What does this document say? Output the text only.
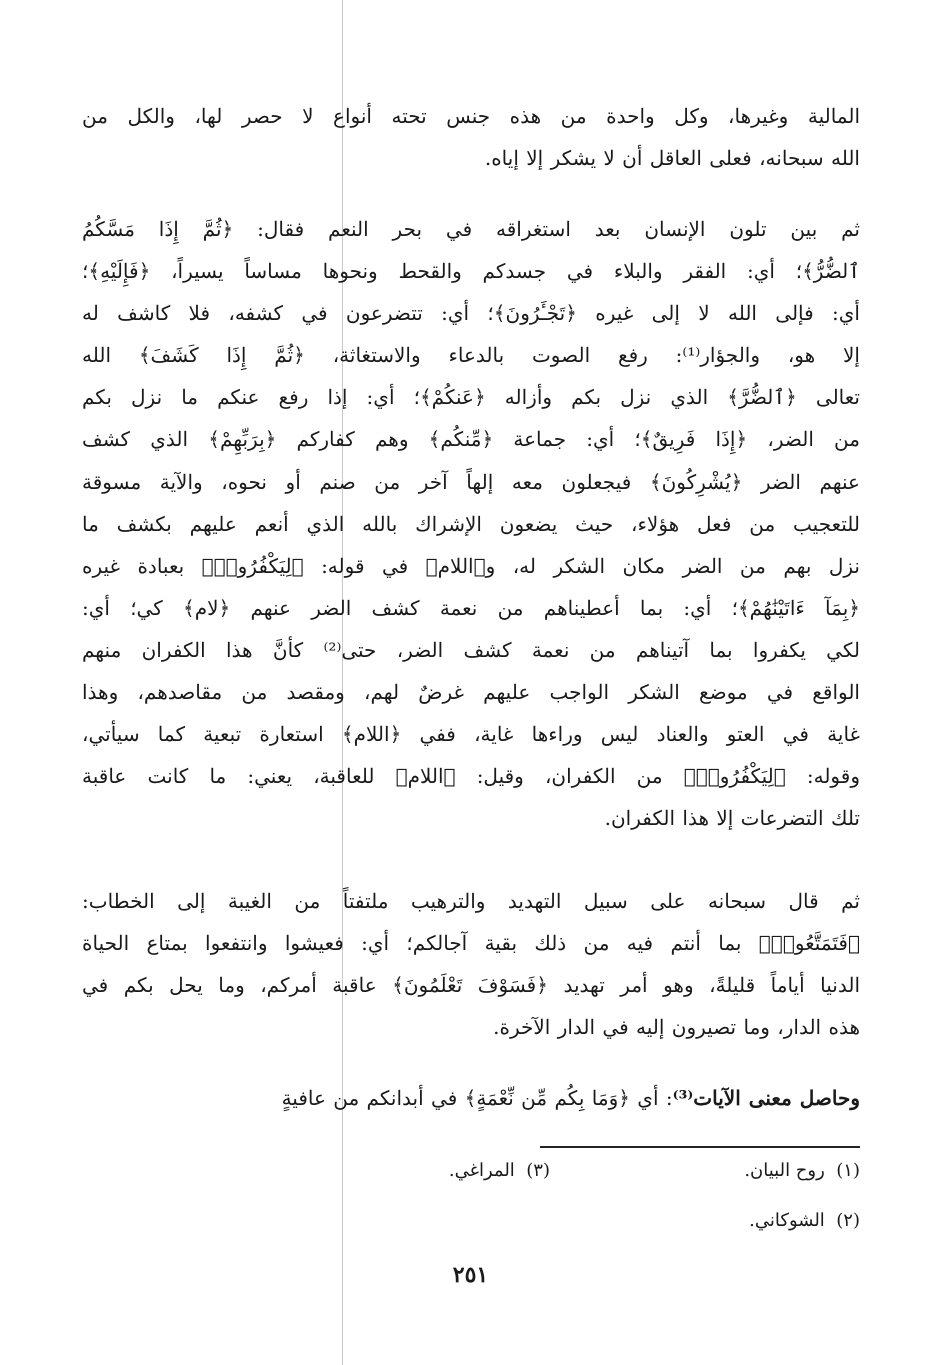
المالية وغيرها، وكل واحدة من هذه جنس تحته أنواع لا حصر لها، والكل من
الله سبحانه، فعلى العاقل أن لا يشكر إلا إياه.
ثم بين تلون الإنسان بعد استغراقه في بحر النعم فقال: ﴿ثُمَّ إِذَا مَسَّكُمُ
ٱلضُّرُّ﴾؛ أي: الفقر والبلاء في جسدكم والقحط ونحوها مساساً يسيراً، ﴿فَإِلَيْهِ﴾؛
أي: فإلى الله لا إلى غيره ﴿تَجْـَٔرُونَ﴾؛ أي: تتضرعون في كشفه، فلا كاشف له
إلا هو، والجؤار⁽¹⁾: رفع الصوت بالدعاء والاستغاثة، ﴿ثُمَّ إِذَا كَشَفَ﴾ الله
تعالى ﴿ٱلضُّرَّ﴾ الذي نزل بكم وأزاله ﴿عَنكُمْ﴾؛ أي: إذا رفع عنكم ما نزل بكم
من الضر، ﴿إِذَا فَرِيقٌ﴾؛ أي: جماعة ﴿مِّنكُم﴾ وهم كفاركم ﴿بِرَبِّهِمْ﴾ الذي كشف
عنهم الضر ﴿يُشْرِكُونَ﴾ فيجعلون معه إلهاً آخر من صنم أو نحوه، والآية مسوقة
للتعجيب من فعل هؤلاء، حيث يضعون الإشراك بالله الذي أنعم عليهم بكشف ما
نزل بهم من الضر مكان الشكر له، و﴿اللام﴾ في قوله: ﴿لِيَكْفُرُوا۟﴾ بعبادة غيره
﴿بِمَآ ءَاتَيْنَٰهُمْ﴾؛ أي: بما أعطيناهم من نعمة كشف الضر عنهم ﴿لام﴾ كي؛ أي:
لكي يكفروا بما آتيناهم من نعمة كشف الضر، حتى⁽²⁾ كأنَّ هذا الكفران منهم
الواقع في موضع الشكر الواجب عليهم غرضٌ لهم، ومقصد من مقاصدهم، وهذا
غاية في العتو والعناد ليس وراءها غاية، ففي ﴿اللام﴾ استعارة تبعية كما سيأتي،
وقوله: ﴿لِيَكْفُرُوا۟﴾ من الكفران، وقيل: ﴿اللام﴾ للعاقبة، يعني: ما كانت عاقبة
تلك التضرعات إلا هذا الكفران.
ثم قال سبحانه على سبيل التهديد والترهيب ملتفتاً من الغيبة إلى الخطاب:
﴿فَتَمَتَّعُوا۟﴾ بما أنتم فيه من ذلك بقية آجالكم؛ أي: فعيشوا وانتفعوا بمتاع الحياة
الدنيا أياماً قليلةً، وهو أمر تهديد ﴿فَسَوْفَ تَعْلَمُونَ﴾ عاقبة أمركم، وما يحل بكم في
هذه الدار، وما تصيرون إليه في الدار الآخرة.
وحاصل معنى الآيات⁽³⁾: أي ﴿وَمَا بِكُم مِّن نِّعْمَةٍ﴾ في أبدانكم من عافيةٍ
(١)  روح البيان.
(٣)  المراغي.
(٢)  الشوكاني.
٢٥١
